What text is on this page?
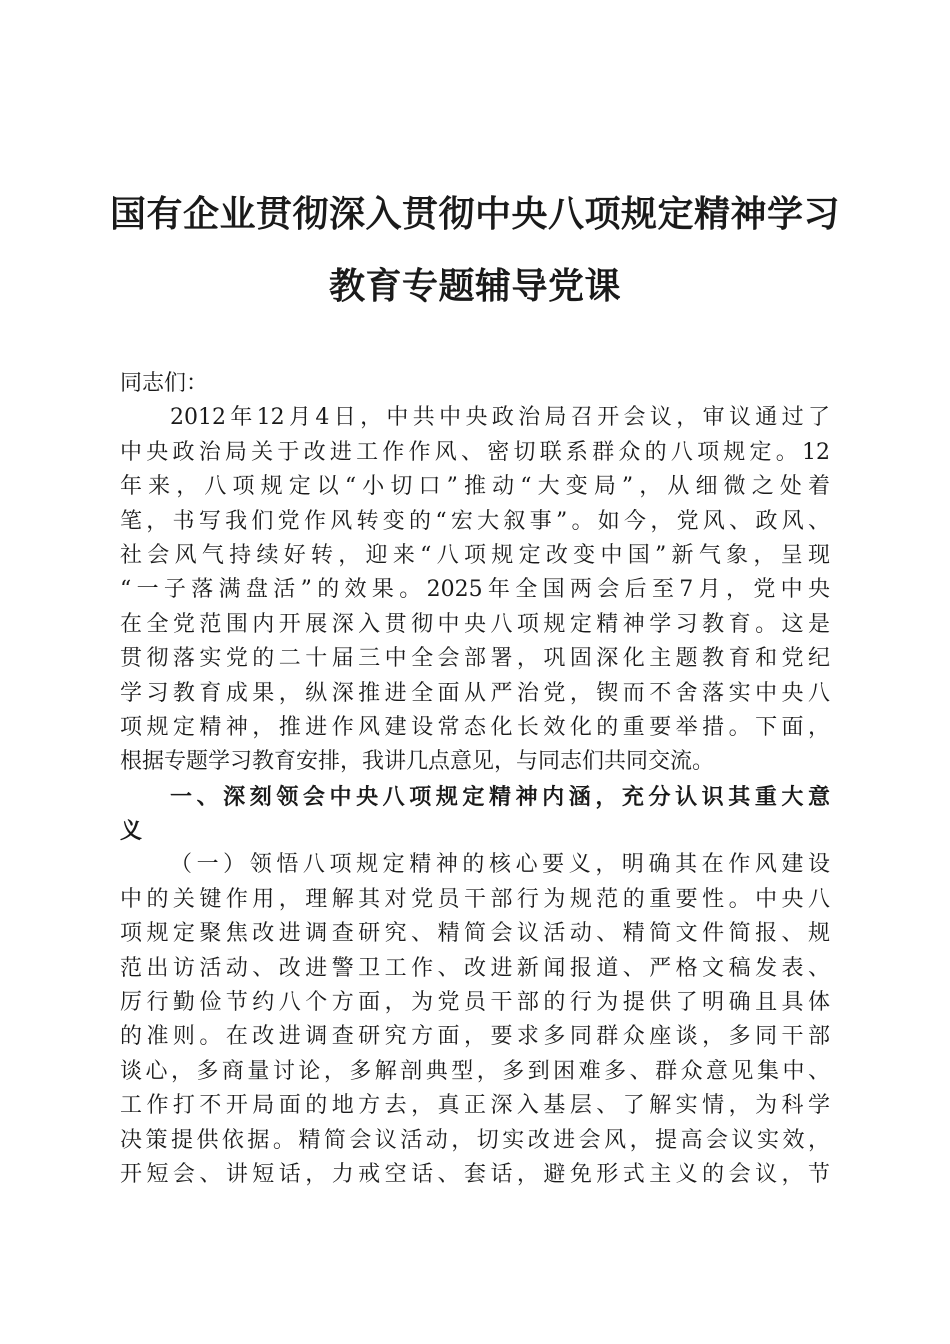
国有企业贯彻深入贯彻中央八项规定精神学习
教育专题辅导党课
同志们：
2012年12月4日，中共中央政治局召开会议，审议通过了
中央政治局关于改进工作作风、密切联系群众的八项规定。12
年来，八项规定以“小切口”推动“大变局”，从细微之处着
笔，书写我们党作风转变的“宏大叙事”。如今，党风、政风、
社会风气持续好转，迎来“八项规定改变中国”新气象，呈现
“一子落满盘活”的效果。2025年全国两会后至7月，党中央
在全党范围内开展深入贯彻中央八项规定精神学习教育。这是
贯彻落实党的二十届三中全会部署，巩固深化主题教育和党纪
学习教育成果，纵深推进全面从严治党，锲而不舍落实中央八
项规定精神，推进作风建设常态化长效化的重要举措。下面，
根据专题学习教育安排，我讲几点意见，与同志们共同交流。
一、深刻领会中央八项规定精神内涵，充分认识其重大意
义
（一）领悟八项规定精神的核心要义，明确其在作风建设
中的关键作用，理解其对党员干部行为规范的重要性。中央八
项规定聚焦改进调查研究、精简会议活动、精简文件简报、规
范出访活动、改进警卫工作、改进新闻报道、严格文稿发表、
厉行勤俭节约八个方面，为党员干部的行为提供了明确且具体
的准则。在改进调查研究方面，要求多同群众座谈，多同干部
谈心，多商量讨论，多解剖典型，多到困难多、群众意见集中、
工作打不开局面的地方去，真正深入基层、了解实情，为科学
决策提供依据。精简会议活动，切实改进会风，提高会议实效，
开短会、讲短话，力戒空话、套话，避免形式主义的会议，节
